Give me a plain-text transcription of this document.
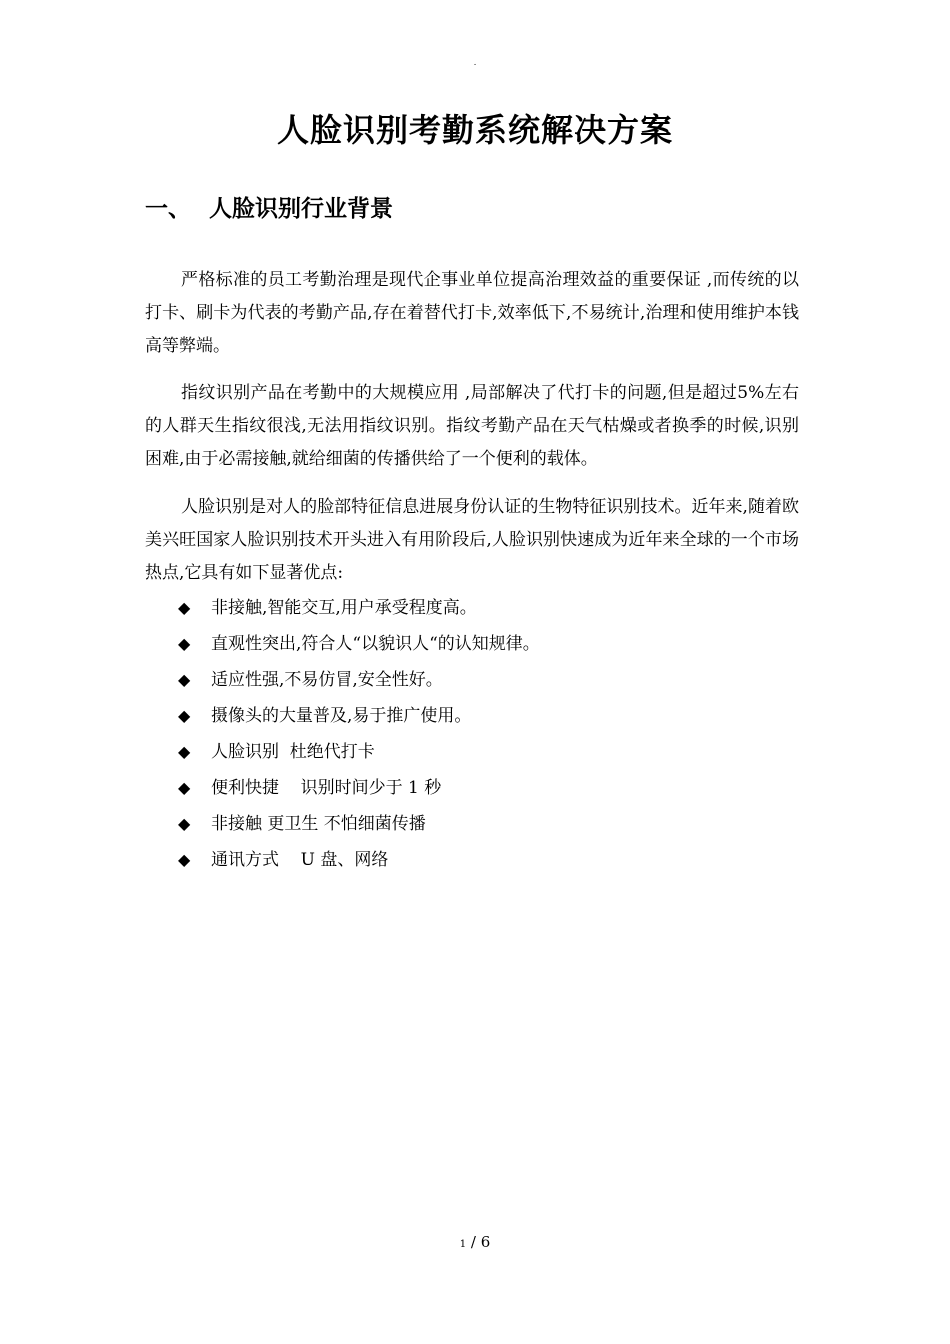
.
人脸识别考勤系统解决方案
一、 人脸识别行业背景

严格标准的员工考勤治理是现代企事业单位提高治理效益的重要保证 ,而传统的以打卡、刷卡为代表的考勤产品,存在着替代打卡,效率低下,不易统计,治理和使用维护本钱高等弊端。

指纹识别产品在考勤中的大规模应用 ,局部解决了代打卡的问题,但是超过5%左右的人群天生指纹很浅,无法用指纹识别。指纹考勤产品在天气枯燥或者换季的时候,识别困难,由于必需接触,就给细菌的传播供给了一个便利的载体。

人脸识别是对人的脸部特征信息进展身份认证的生物特征识别技术。近年来,随着欧美兴旺国家人脸识别技术开头进入有用阶段后,人脸识别快速成为近年来全球的一个市场热点,它具有如下显著优点:

◆ 非接触,智能交互,用户承受程度高。
◆ 直观性突出,符合人“以貌识人“的认知规律。
◆ 适应性强,不易仿冒,安全性好。
◆ 摄像头的大量普及,易于推广使用。
◆ 人脸识别  杜绝代打卡
◆ 便利快捷    识别时间少于 1 秒
◆ 非接触 更卫生 不怕细菌传播
◆ 通讯方式    U 盘、网络
1 / 6
